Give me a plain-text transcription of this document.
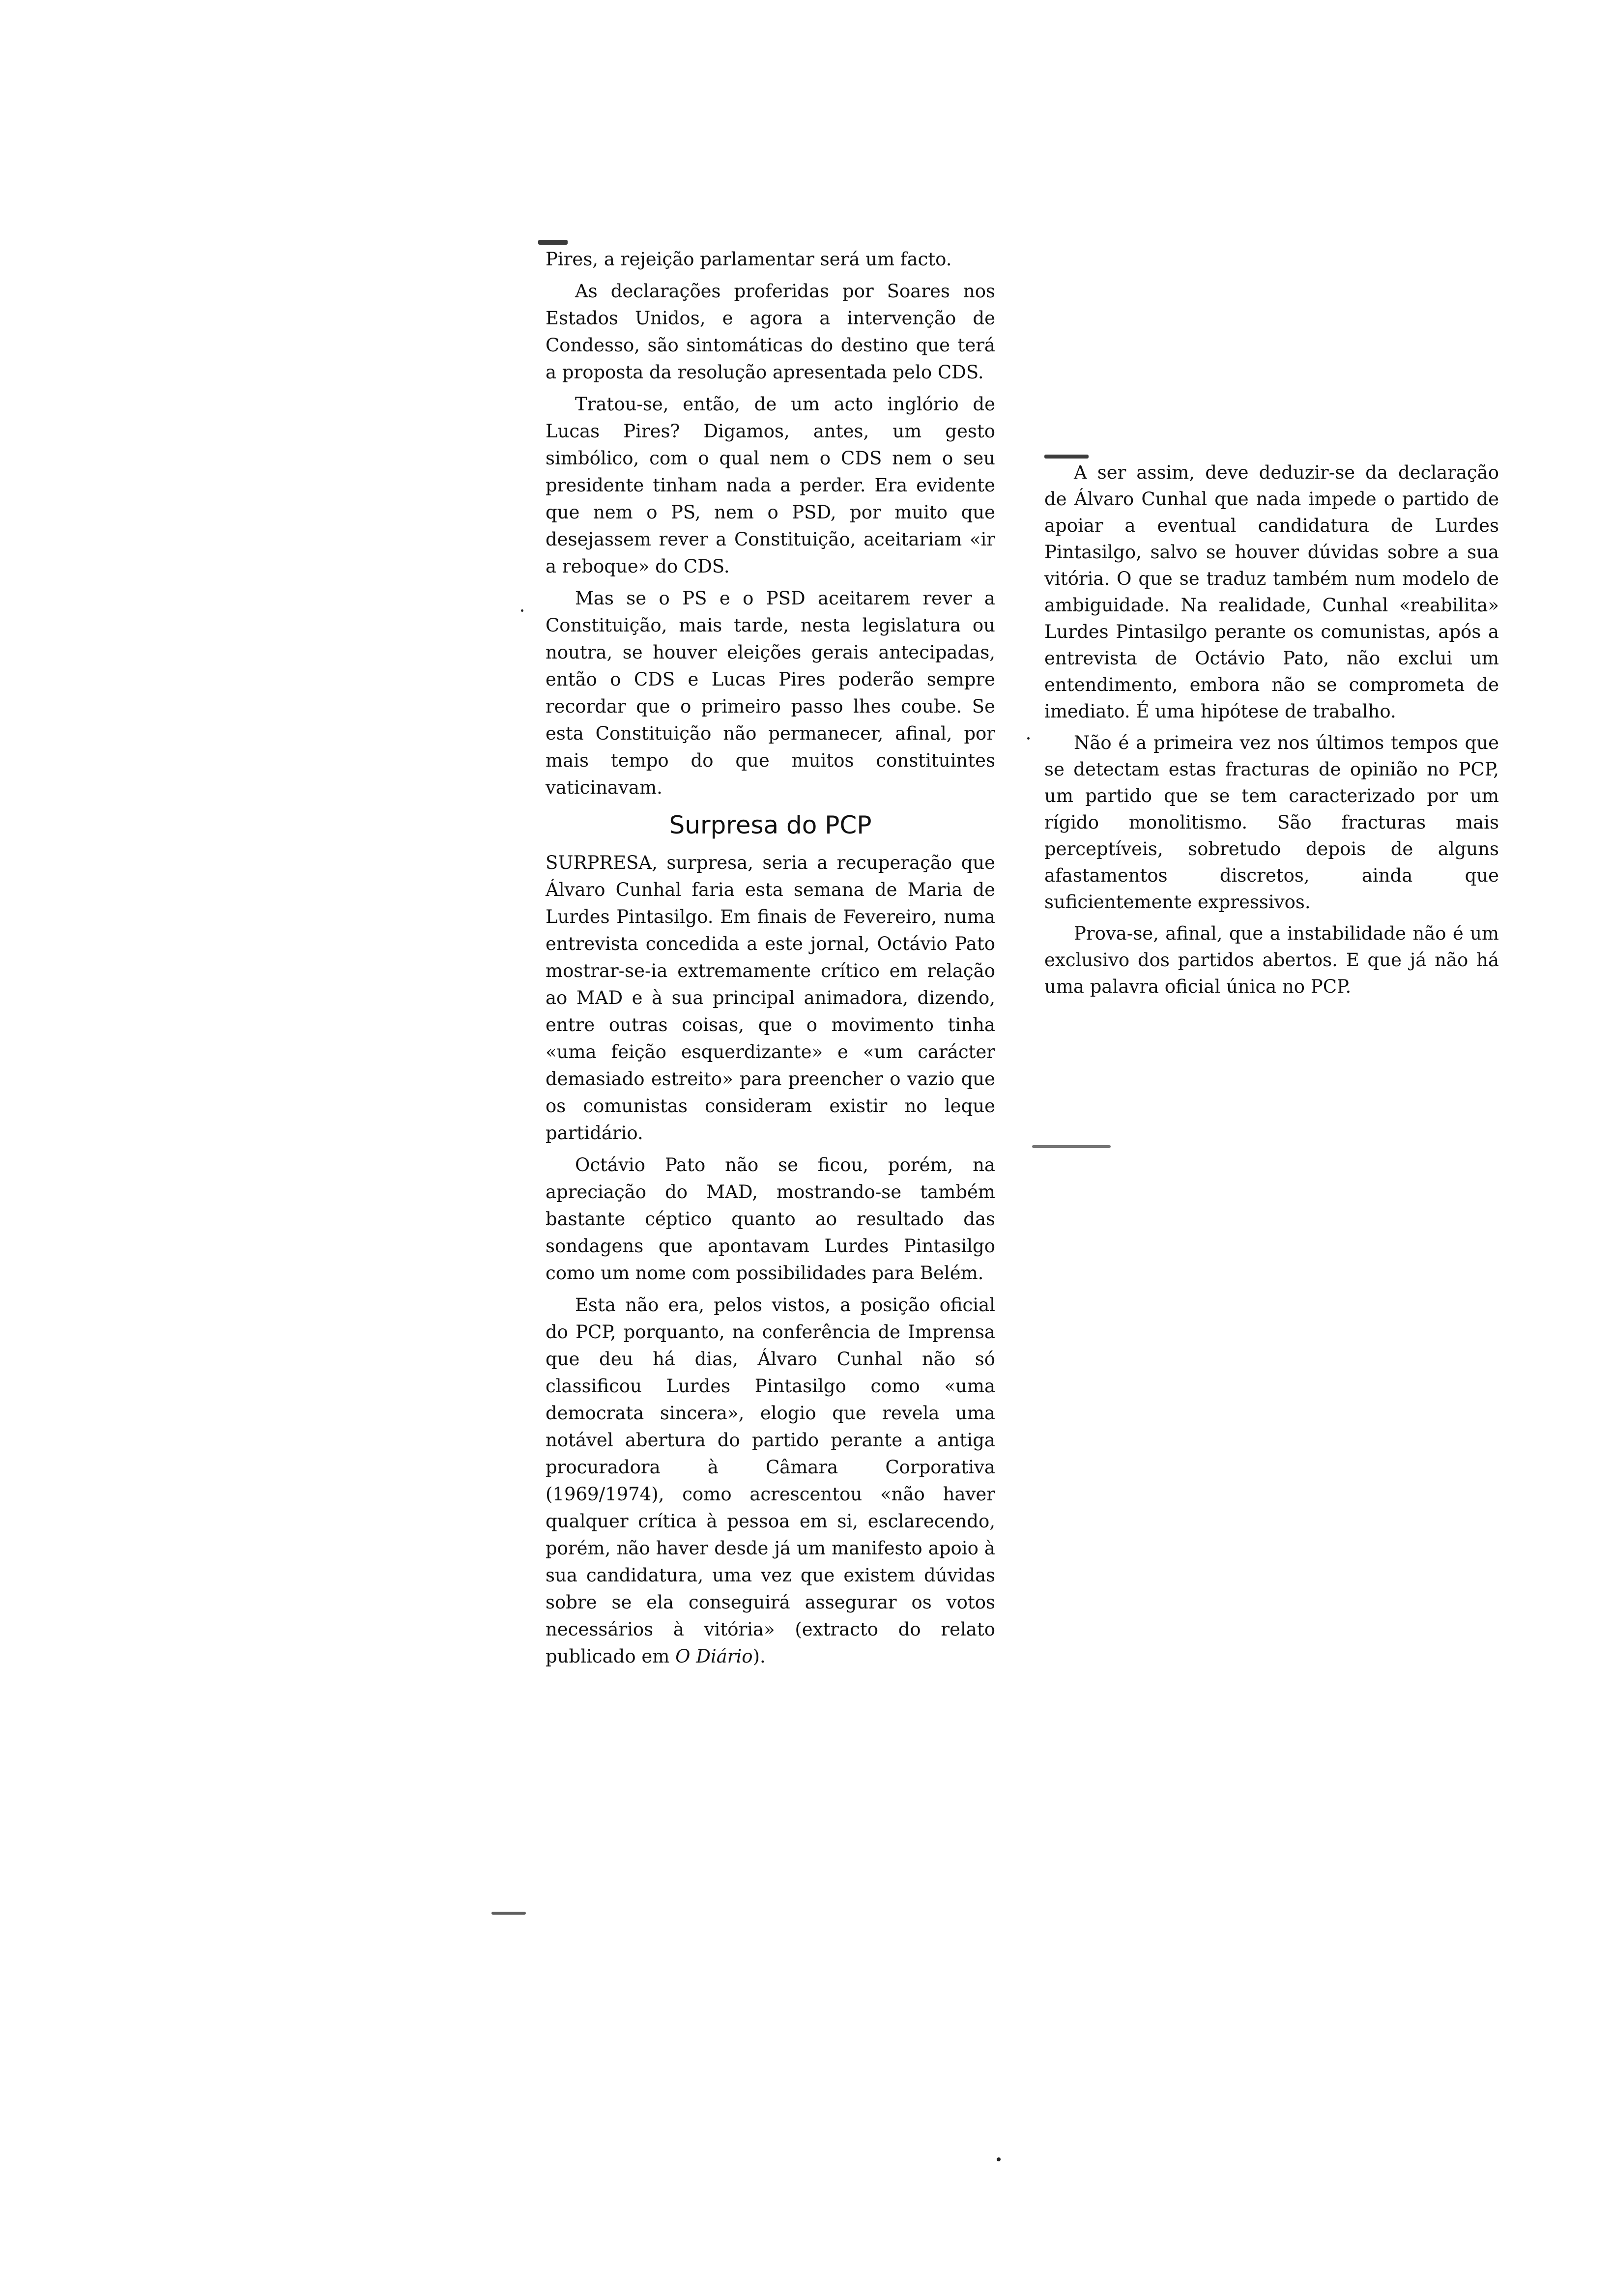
Pires, a rejeição parlamentar será um facto.

As declarações proferidas por Soares nos Estados Unidos, e agora a intervenção de Condesso, são sintomáticas do destino que terá a proposta da resolução apresentada pelo CDS.

Tratou-se, então, de um acto inglório de Lucas Pires? Digamos, antes, um gesto simbólico, com o qual nem o CDS nem o seu presidente tinham nada a perder. Era evidente que nem o PS, nem o PSD, por muito que desejassem rever a Constituição, aceitariam «ir a reboque» do CDS.

Mas se o PS e o PSD aceitarem rever a Constituição, mais tarde, nesta legislatura ou noutra, se houver eleições gerais antecipadas, então o CDS e Lucas Pires poderão sempre recordar que o primeiro passo lhes coube. Se esta Constituição não permanecer, afinal, por mais tempo do que muitos constituintes vaticinavam.

Surpresa do PCP

SURPRESA, surpresa, seria a recuperação que Álvaro Cunhal faria esta semana de Maria de Lurdes Pintasilgo. Em finais de Fevereiro, numa entrevista concedida a este jornal, Octávio Pato mostrar-se-ia extremamente crítico em relação ao MAD e à sua principal animadora, dizendo, entre outras coisas, que o movimento tinha «uma feição esquerdizante» e «um carácter demasiado estreito» para preencher o vazio que os comunistas consideram existir no leque partidário.

Octávio Pato não se ficou, porém, na apreciação do MAD, mostrando-se também bastante céptico quanto ao resultado das sondagens que apontavam Lurdes Pintasilgo como um nome com possibilidades para Belém.

Esta não era, pelos vistos, a posição oficial do PCP, porquanto, na conferência de Imprensa que deu há dias, Álvaro Cunhal não só classificou Lurdes Pintasilgo como «uma democrata sincera», elogio que revela uma notável abertura do partido perante a antiga procuradora à Câmara Corporativa (1969/1974), como acrescentou «não haver qualquer crítica à pessoa em si, esclarecendo, porém, não haver desde já um manifesto apoio à sua candidatura, uma vez que existem dúvidas sobre se ela conseguirá assegurar os votos necessários à vitória» (extracto do relato publicado em O Diário).

A ser assim, deve deduzir-se da declaração de Álvaro Cunhal que nada impede o partido de apoiar a eventual candidatura de Lurdes Pintasilgo, salvo se houver dúvidas sobre a sua vitória. O que se traduz também num modelo de ambiguidade. Na realidade, Cunhal «reabilita» Lurdes Pintasilgo perante os comunistas, após a entrevista de Octávio Pato, não exclui um entendimento, embora não se comprometa de imediato. É uma hipótese de trabalho.

Não é a primeira vez nos últimos tempos que se detectam estas fracturas de opinião no PCP, um partido que se tem caracterizado por um rígido monolitismo. São fracturas mais perceptíveis, sobretudo depois de alguns afastamentos discretos, ainda que suficientemente expressivos.

Prova-se, afinal, que a instabilidade não é um exclusivo dos partidos abertos. E que já não há uma palavra oficial única no PCP.
